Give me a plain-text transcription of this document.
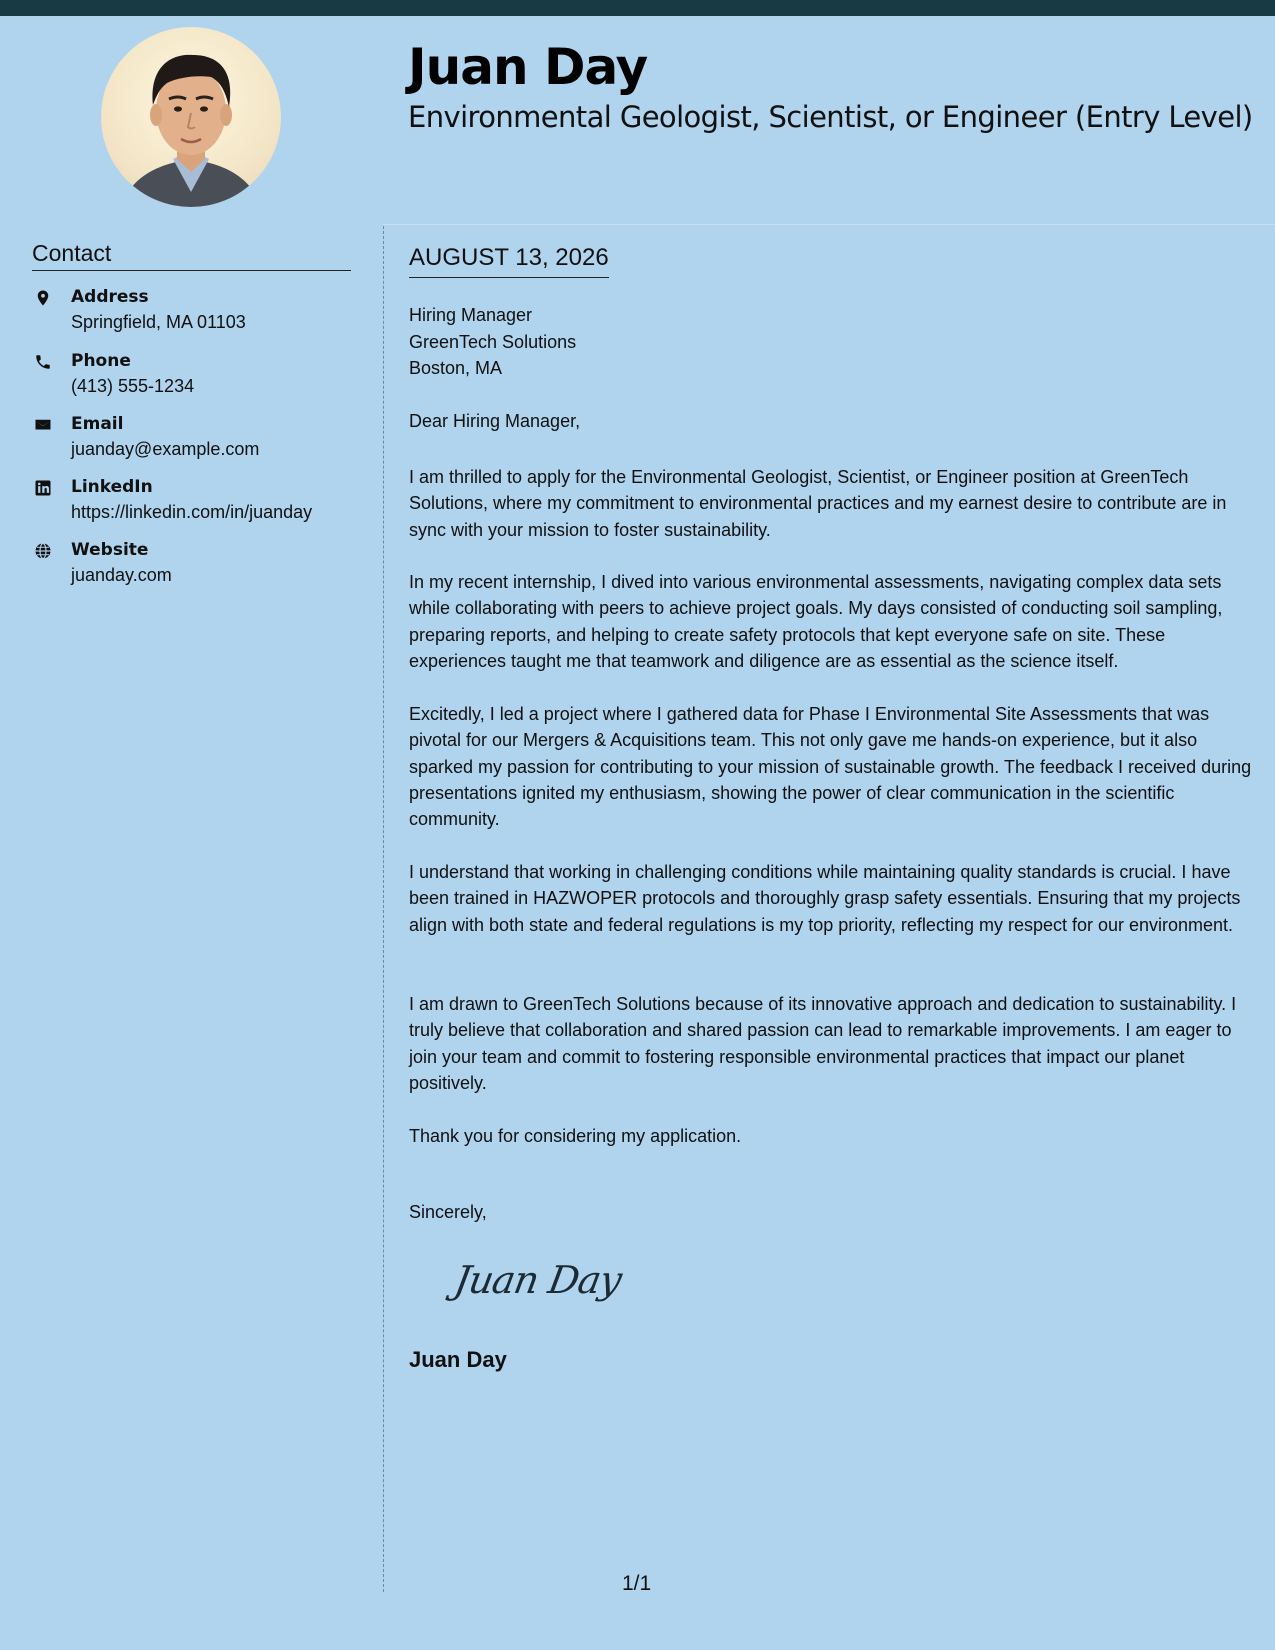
Juan Day
Environmental Geologist, Scientist, or Engineer (Entry Level)
Contact
Address
Springfield, MA 01103
Phone
(413) 555-1234
Email
juanday@example.com
LinkedIn
https://linkedin.com/in/juanday
Website
juanday.com
AUGUST 13, 2026
Hiring Manager
GreenTech Solutions
Boston, MA
Dear Hiring Manager,

I am thrilled to apply for the Environmental Geologist, Scientist, or Engineer position at GreenTech Solutions, where my commitment to environmental practices and my earnest desire to contribute are in sync with your mission to foster sustainability.

In my recent internship, I dived into various environmental assessments, navigating complex data sets while collaborating with peers to achieve project goals. My days consisted of conducting soil sampling, preparing reports, and helping to create safety protocols that kept everyone safe on site. These experiences taught me that teamwork and diligence are as essential as the science itself.

Excitedly, I led a project where I gathered data for Phase I Environmental Site Assessments that was pivotal for our Mergers & Acquisitions team. This not only gave me hands-on experience, but it also sparked my passion for contributing to your mission of sustainable growth. The feedback I received during presentations ignited my enthusiasm, showing the power of clear communication in the scientific community.

I understand that working in challenging conditions while maintaining quality standards is crucial. I have been trained in HAZWOPER protocols and thoroughly grasp safety essentials. Ensuring that my projects align with both state and federal regulations is my top priority, reflecting my respect for our environment.

I am drawn to GreenTech Solutions because of its innovative approach and dedication to sustainability. I truly believe that collaboration and shared passion can lead to remarkable improvements. I am eager to join your team and commit to fostering responsible environmental practices that impact our planet positively.

Thank you for considering my application.

Sincerely,
Juan Day
Juan Day
1/1
